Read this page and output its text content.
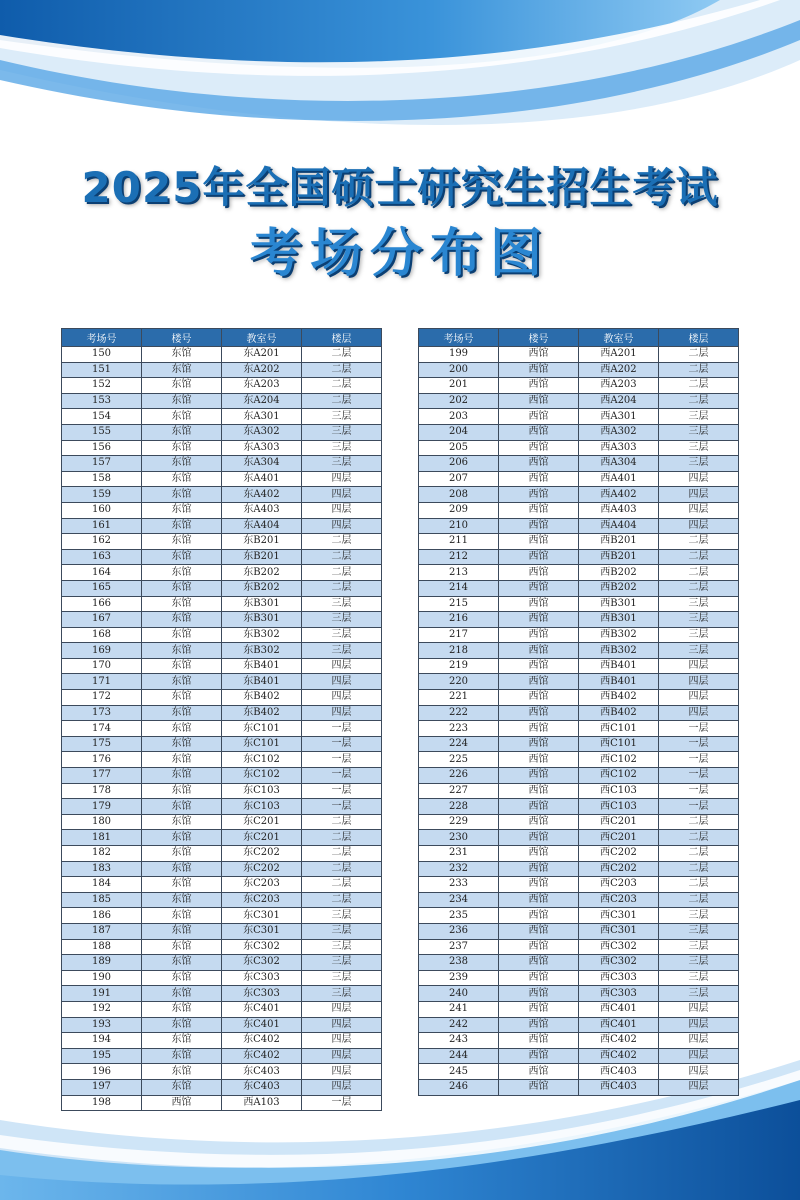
2025年全国硕士研究生招生考试
考场分布图
考场号	楼号	教室号	楼层
150	东馆	东A201	二层
151	东馆	东A202	二层
152	东馆	东A203	二层
153	东馆	东A204	二层
154	东馆	东A301	三层
155	东馆	东A302	三层
156	东馆	东A303	三层
157	东馆	东A304	三层
158	东馆	东A401	四层
159	东馆	东A402	四层
160	东馆	东A403	四层
161	东馆	东A404	四层
162	东馆	东B201	二层
163	东馆	东B201	二层
164	东馆	东B202	二层
165	东馆	东B202	二层
166	东馆	东B301	三层
167	东馆	东B301	三层
168	东馆	东B302	三层
169	东馆	东B302	三层
170	东馆	东B401	四层
171	东馆	东B401	四层
172	东馆	东B402	四层
173	东馆	东B402	四层
174	东馆	东C101	一层
175	东馆	东C101	一层
176	东馆	东C102	一层
177	东馆	东C102	一层
178	东馆	东C103	一层
179	东馆	东C103	一层
180	东馆	东C201	二层
181	东馆	东C201	二层
182	东馆	东C202	二层
183	东馆	东C202	二层
184	东馆	东C203	二层
185	东馆	东C203	二层
186	东馆	东C301	三层
187	东馆	东C301	三层
188	东馆	东C302	三层
189	东馆	东C302	三层
190	东馆	东C303	三层
191	东馆	东C303	三层
192	东馆	东C401	四层
193	东馆	东C401	四层
194	东馆	东C402	四层
195	东馆	东C402	四层
196	东馆	东C403	四层
197	东馆	东C403	四层
198	西馆	西A103	一层
考场号	楼号	教室号	楼层
199	西馆	西A201	二层
200	西馆	西A202	二层
201	西馆	西A203	二层
202	西馆	西A204	二层
203	西馆	西A301	三层
204	西馆	西A302	三层
205	西馆	西A303	三层
206	西馆	西A304	三层
207	西馆	西A401	四层
208	西馆	西A402	四层
209	西馆	西A403	四层
210	西馆	西A404	四层
211	西馆	西B201	二层
212	西馆	西B201	二层
213	西馆	西B202	二层
214	西馆	西B202	二层
215	西馆	西B301	三层
216	西馆	西B301	三层
217	西馆	西B302	三层
218	西馆	西B302	三层
219	西馆	西B401	四层
220	西馆	西B401	四层
221	西馆	西B402	四层
222	西馆	西B402	四层
223	西馆	西C101	一层
224	西馆	西C101	一层
225	西馆	西C102	一层
226	西馆	西C102	一层
227	西馆	西C103	一层
228	西馆	西C103	一层
229	西馆	西C201	二层
230	西馆	西C201	二层
231	西馆	西C202	二层
232	西馆	西C202	二层
233	西馆	西C203	二层
234	西馆	西C203	二层
235	西馆	西C301	三层
236	西馆	西C301	三层
237	西馆	西C302	三层
238	西馆	西C302	三层
239	西馆	西C303	三层
240	西馆	西C303	三层
241	西馆	西C401	四层
242	西馆	西C401	四层
243	西馆	西C402	四层
244	西馆	西C402	四层
245	西馆	西C403	四层
246	西馆	西C403	四层
